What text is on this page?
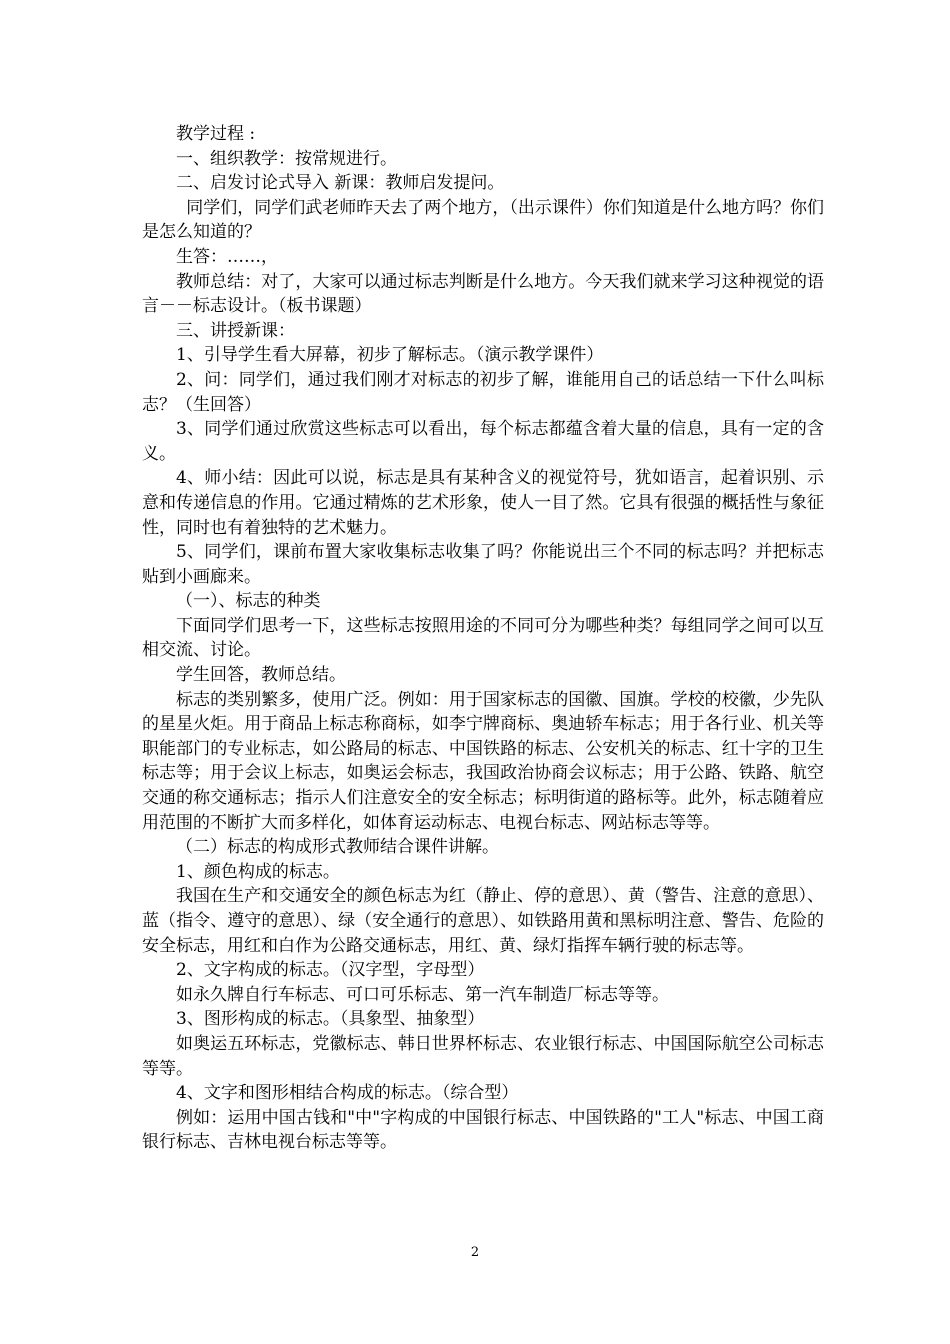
教学过程 :

一、组织教学：按常规进行。

二、启发讨论式导入 新课：教师启发提问。

同学们，同学们武老师昨天去了两个地方，（出示课件）你们知道是什么地方吗？你们是怎么知道的？

生答：……，

教师总结：对了，大家可以通过标志判断是什么地方。今天我们就来学习这种视觉的语言－－标志设计。（板书课题）

三、讲授新课：

1、引导学生看大屏幕，初步了解标志。（演示教学课件）

2、问：同学们，通过我们刚才对标志的初步了解，谁能用自己的话总结一下什么叫标志？（生回答）

3、同学们通过欣赏这些标志可以看出，每个标志都蕴含着大量的信息，具有一定的含义。

4、师小结：因此可以说，标志是具有某种含义的视觉符号，犹如语言，起着识别、示意和传递信息的作用。它通过精炼的艺术形象，使人一目了然。它具有很强的概括性与象征性，同时也有着独特的艺术魅力。

5、同学们，课前布置大家收集标志收集了吗？你能说出三个不同的标志吗？并把标志贴到小画廊来。

（一）、标志的种类

下面同学们思考一下，这些标志按照用途的不同可分为哪些种类？每组同学之间可以互相交流、讨论。

学生回答，教师总结。

标志的类别繁多，使用广泛。例如：用于国家标志的国徽、国旗。学校的校徽，少先队的星星火炬。用于商品上标志称商标，如李宁牌商标、奥迪轿车标志；用于各行业、机关等职能部门的专业标志，如公路局的标志、中国铁路的标志、公安机关的标志、红十字的卫生标志等；用于会议上标志，如奥运会标志，我国政治协商会议标志；用于公路、铁路、航空交通的称交通标志；指示人们注意安全的安全标志；标明街道的路标等。此外，标志随着应用范围的不断扩大而多样化，如体育运动标志、电视台标志、网站标志等等。

（二）标志的构成形式教师结合课件讲解。

1、颜色构成的标志。

我国在生产和交通安全的颜色标志为红（静止、停的意思）、黄（警告、注意的意思）、蓝（指令、遵守的意思）、绿（安全通行的意思）、如铁路用黄和黑标明注意、警告、危险的安全标志，用红和白作为公路交通标志，用红、黄、绿灯指挥车辆行驶的标志等。

2、文字构成的标志。（汉字型，字母型）

如永久牌自行车标志、可口可乐标志、第一汽车制造厂标志等等。

3、图形构成的标志。（具象型、抽象型）

如奥运五环标志，党徽标志、韩日世界杯标志、农业银行标志、中国国际航空公司标志等等。

4、文字和图形相结合构成的标志。（综合型）

例如：运用中国古钱和"中"字构成的中国银行标志、中国铁路的"工人"标志、中国工商银行标志、吉林电视台标志等等。

2
